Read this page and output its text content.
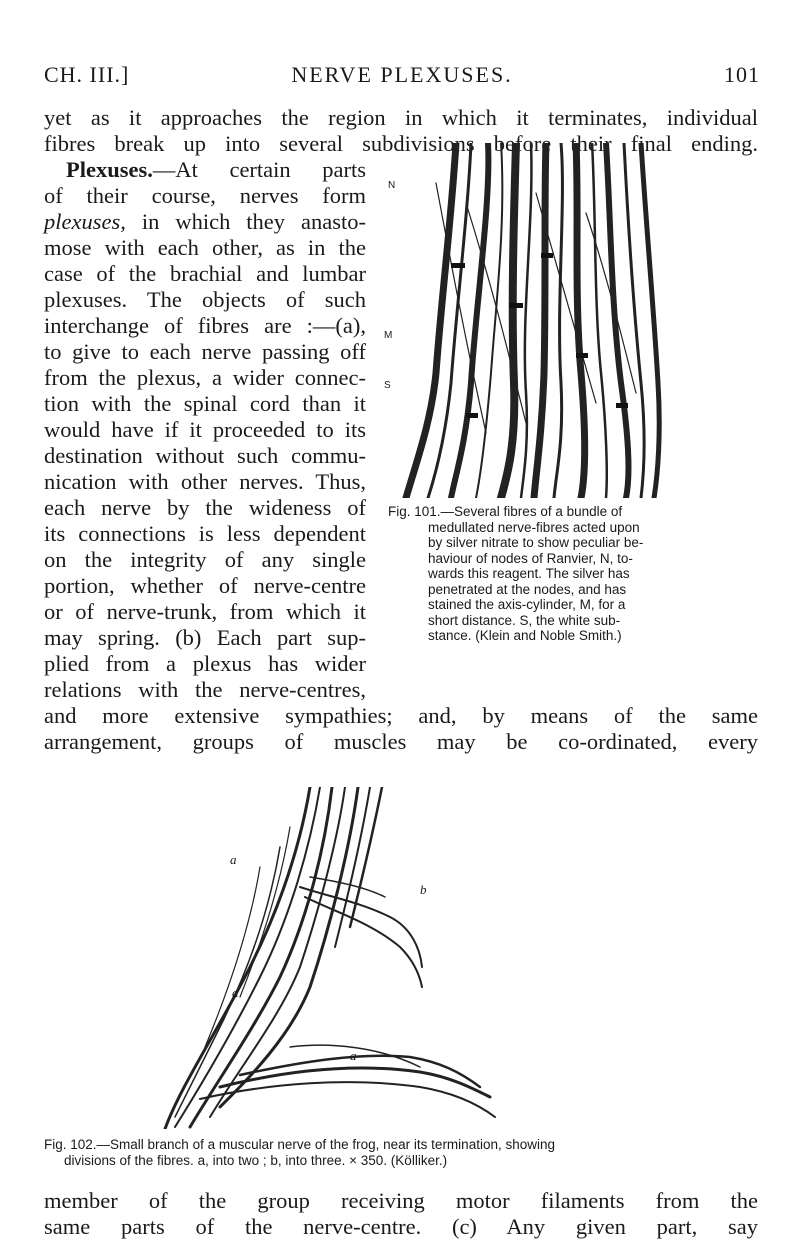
CH. III.]	NERVE PLEXUSES.	101
yet as it approaches the region in which it terminates, individual
fibres break up into several subdivisions before their final ending.
Plexuses.—At certain parts
of their course, nerves form
plexuses, in which they anasto-
mose with each other, as in the
case of the brachial and lumbar
plexuses. The objects of such
interchange of fibres are :—(a),
to give to each nerve passing off
from the plexus, a wider connec-
tion with the spinal cord than it
would have if it proceeded to its
destination without such commu-
nication with other nerves. Thus,
each nerve by the wideness of
its connections is less dependent
on the integrity of any single
portion, whether of nerve-centre
or of nerve-trunk, from which it
may spring. (b) Each part sup-
plied from a plexus has wider
relations with the nerve-centres,
and more extensive sympathies; and, by means of the same
arrangement, groups of muscles may be co-ordinated, every
N
M
S
Fig. 101.—Several fibres of a bundle of

medullated nerve-fibres acted upon
by silver nitrate to show peculiar be-
haviour of nodes of Ranvier, N, to-
wards this reagent. The silver has
penetrated at the nodes, and has
stained the axis-cylinder, M, for a
short distance. S, the white sub-
stance. (Klein and Noble Smith.)
a
b
a
a
Fig. 102.—Small branch of a muscular nerve of the frog, near its termination, showing
divisions of the fibres. a, into two ; b, into three. × 350. (Kölliker.)
member of the group receiving motor filaments from the
same parts of the nerve-centre. (c) Any given part, say
